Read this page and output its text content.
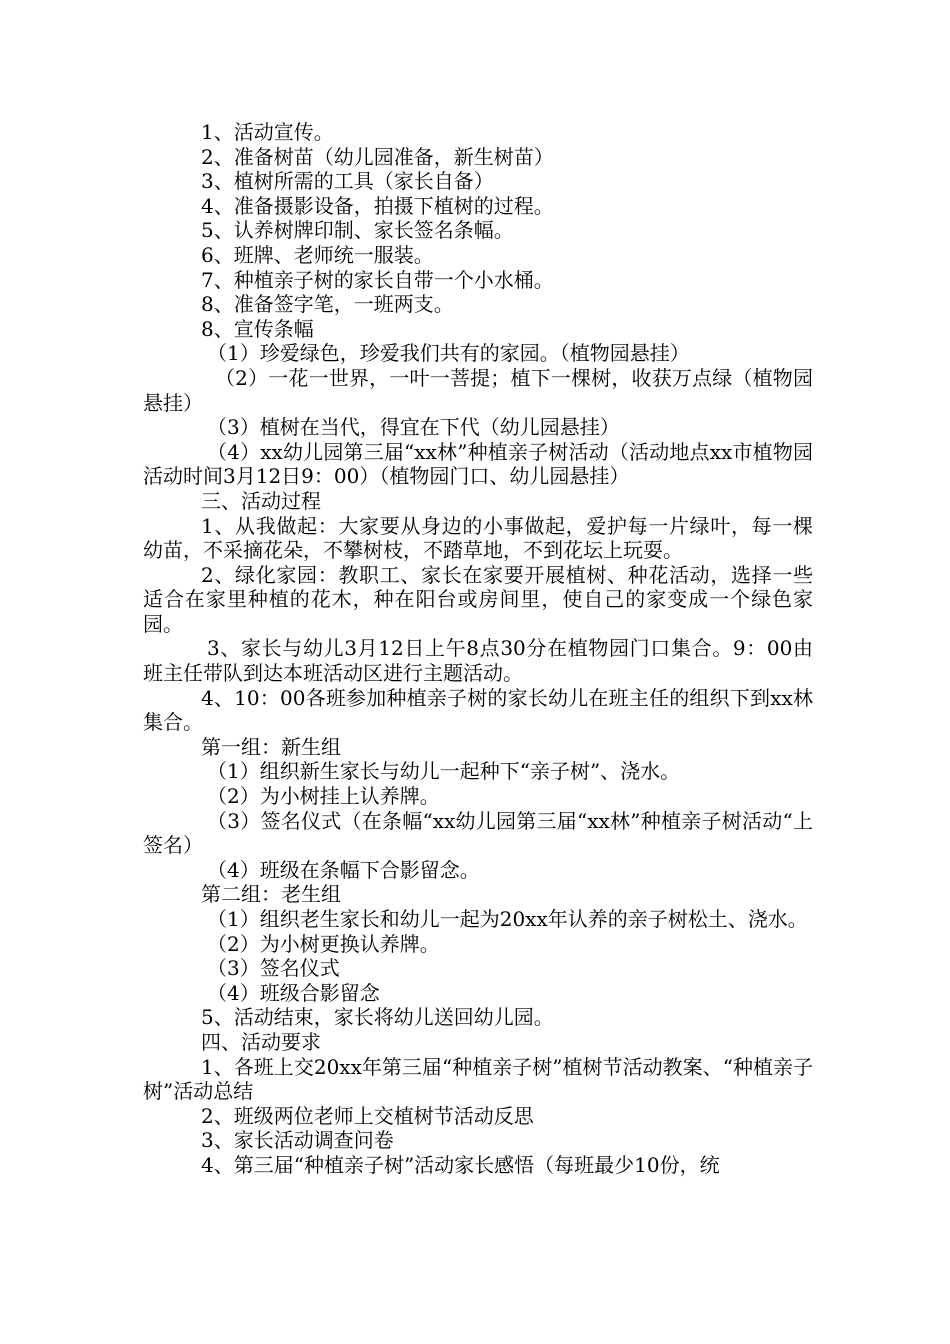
1、活动宣传。

2、准备树苗（幼儿园准备，新生树苗）

3、植树所需的工具（家长自备）

4、准备摄影设备，拍摄下植树的过程。

5、认养树牌印制、家长签名条幅。

6、班牌、老师统一服装。

7、种植亲子树的家长自带一个小水桶。

8、准备签字笔，一班两支。

8、宣传条幅

（1）珍爱绿色，珍爱我们共有的家园。（植物园悬挂）

（2）一花一世界，一叶一菩提；植下一棵树，收获万点绿（植物园悬挂）

（3）植树在当代，得宜在下代（幼儿园悬挂）

（4）xx幼儿园第三届“xx林”种植亲子树活动（活动地点xx市植物园活动时间3月12日9：00）（植物园门口、幼儿园悬挂）

三、活动过程

1、从我做起：大家要从身边的小事做起，爱护每一片绿叶，每一棵幼苗，不采摘花朵，不攀树枝，不踏草地，不到花坛上玩耍。

2、绿化家园：教职工、家长在家要开展植树、种花活动，选择一些适合在家里种植的花木，种在阳台或房间里，使自己的家变成一个绿色家园。

3、家长与幼儿3月12日上午8点30分在植物园门口集合。9：00由班主任带队到达本班活动区进行主题活动。

4、10：00各班参加种植亲子树的家长幼儿在班主任的组织下到xx林集合。

第一组：新生组

（1）组织新生家长与幼儿一起种下“亲子树”、浇水。

（2）为小树挂上认养牌。

（3）签名仪式（在条幅“xx幼儿园第三届“xx林”种植亲子树活动“上签名）

（4）班级在条幅下合影留念。

第二组：老生组

（1）组织老生家长和幼儿一起为20xx年认养的亲子树松土、浇水。

（2）为小树更换认养牌。

（3）签名仪式

（4）班级合影留念

5、活动结束，家长将幼儿送回幼儿园。

四、活动要求

1、各班上交20xx年第三届“种植亲子树”植树节活动教案、“种植亲子树”活动总结

2、班级两位老师上交植树节活动反思

3、家长活动调查问卷

4、第三届“种植亲子树”活动家长感悟（每班最少10份，统
